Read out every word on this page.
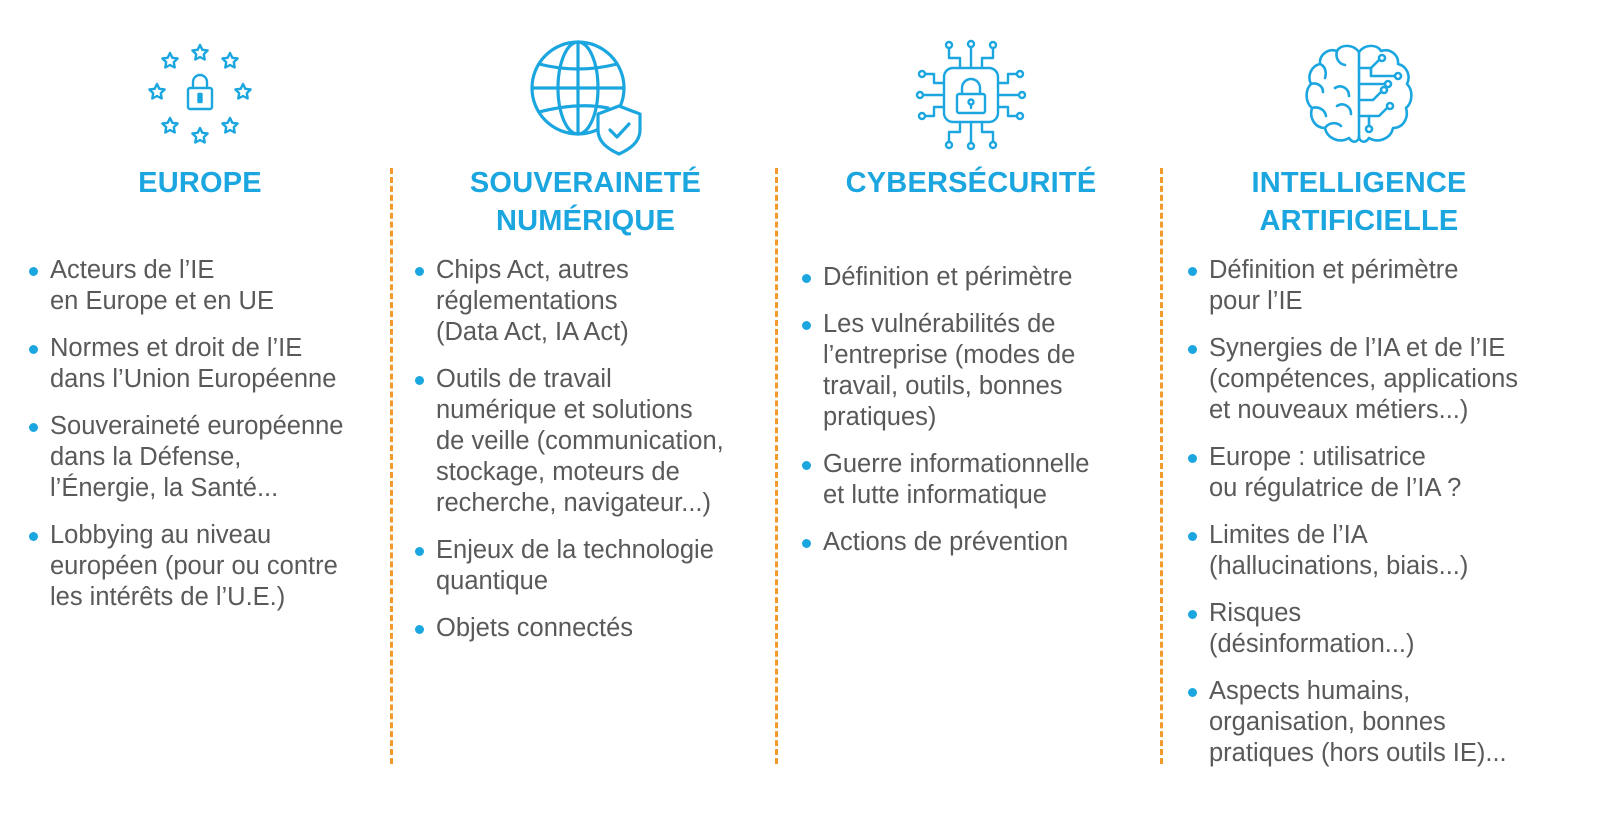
EUROPE
Acteurs de l’IE
en Europe et en UE
Normes et droit de l’IE
dans l’Union Européenne
Souveraineté européenne
dans la Défense,
l’Énergie, la Santé...
Lobbying au niveau
européen (pour ou contre
les intérêts de l’U.E.)
SOUVERAINETÉ
NUMÉRIQUE
Chips Act, autres
réglementations
(Data Act, IA Act)
Outils de travail
numérique et solutions
de veille (communication,
stockage, moteurs de
recherche, navigateur...)
Enjeux de la technologie
quantique
Objets connectés
CYBERSÉCURITÉ
Définition et périmètre
Les vulnérabilités de
l’entreprise (modes de
travail, outils, bonnes
pratiques)
Guerre informationnelle
et lutte informatique
Actions de prévention
INTELLIGENCE
ARTIFICIELLE
Définition et périmètre
pour l’IE
Synergies de l’IA et de l’IE
(compétences, applications
et nouveaux métiers...)
Europe : utilisatrice
ou régulatrice de l’IA ?
Limites de l’IA
(hallucinations, biais...)
Risques
(désinformation...)
Aspects humains,
organisation, bonnes
pratiques (hors outils IE)...
